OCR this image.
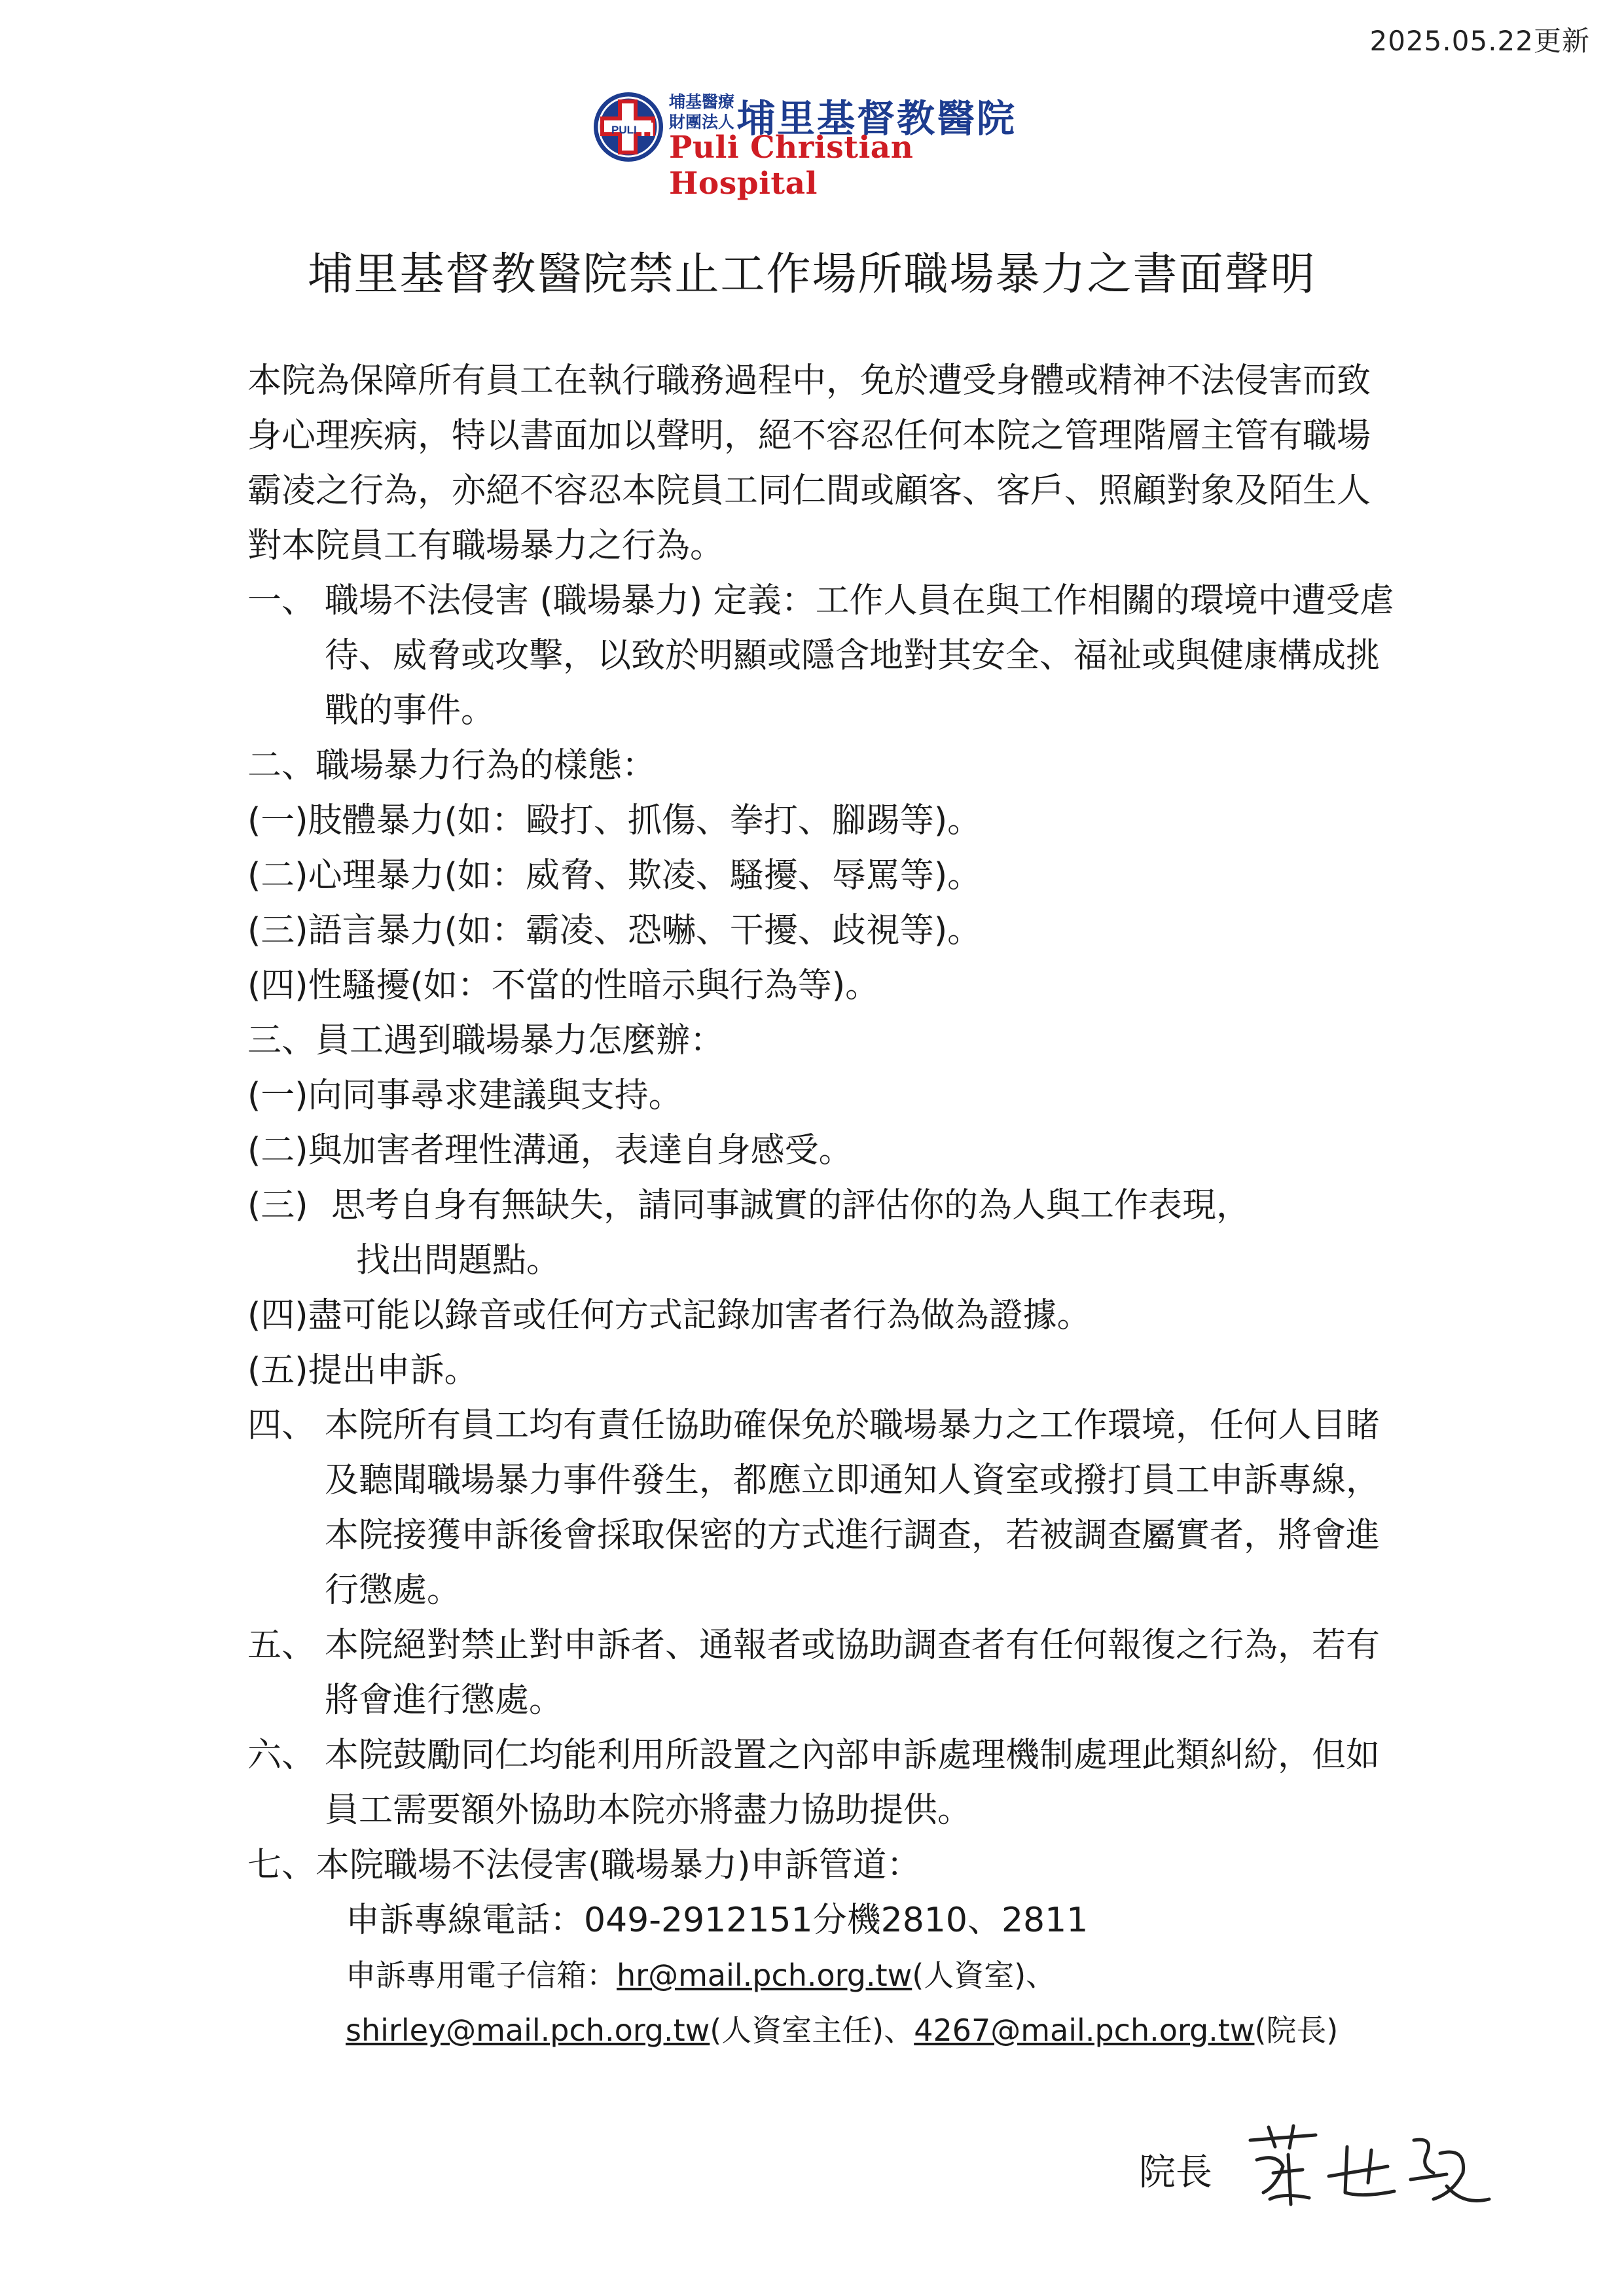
2025.05.22更新
PULI H
埔基醫療
財團法人 埔里基督教醫院
Puli Christian Hospital
埔里基督教醫院禁止工作場所職場暴力之書面聲明

本院為保障所有員工在執行職務過程中，免於遭受身體或精神不法侵害而致身心理疾病，特以書面加以聲明，絕不容忍任何本院之管理階層主管有職場霸凌之行為，亦絕不容忍本院員工同仁間或顧客、客戶、照顧對象及陌生人對本院員工有職場暴力之行為。

一、 職場不法侵害 (職場暴力) 定義：工作人員在與工作相關的環境中遭受虐待、威脅或攻擊，以致於明顯或隱含地對其安全、福祉或與健康構成挑戰的事件。

二、職場暴力行為的樣態：

(一)肢體暴力(如：毆打、抓傷、拳打、腳踢等)。

(二)心理暴力(如：威脅、欺凌、騷擾、辱罵等)。

(三)語言暴力(如：霸凌、恐嚇、干擾、歧視等)。

(四)性騷擾(如：不當的性暗示與行為等)。

三、員工遇到職場暴力怎麼辦：

(一)向同事尋求建議與支持。

(二)與加害者理性溝通，表達自身感受。

(三) 思考自身有無缺失，請同事誠實的評估你的為人與工作表現，
找出問題點。

(四)盡可能以錄音或任何方式記錄加害者行為做為證據。

(五)提出申訴。

四、 本院所有員工均有責任協助確保免於職場暴力之工作環境，任何人目睹及聽聞職場暴力事件發生，都應立即通知人資室或撥打員工申訴專線，本院接獲申訴後會採取保密的方式進行調查，若被調查屬實者，將會進行懲處。
五、 本院絕對禁止對申訴者、通報者或協助調查者有任何報復之行為，若有將會進行懲處。
六、 本院鼓勵同仁均能利用所設置之內部申訴處理機制處理此類糾紛，但如員工需要額外協助本院亦將盡力協助提供。

七、本院職場不法侵害(職場暴力)申訴管道：

申訴專線電話：049-2912151分機2810、2811
申訴專用電子信箱：hr@mail.pch.org.tw(人資室)、shirley@mail.pch.org.tw(人資室主任)、4267@mail.pch.org.tw(院長)
院長
